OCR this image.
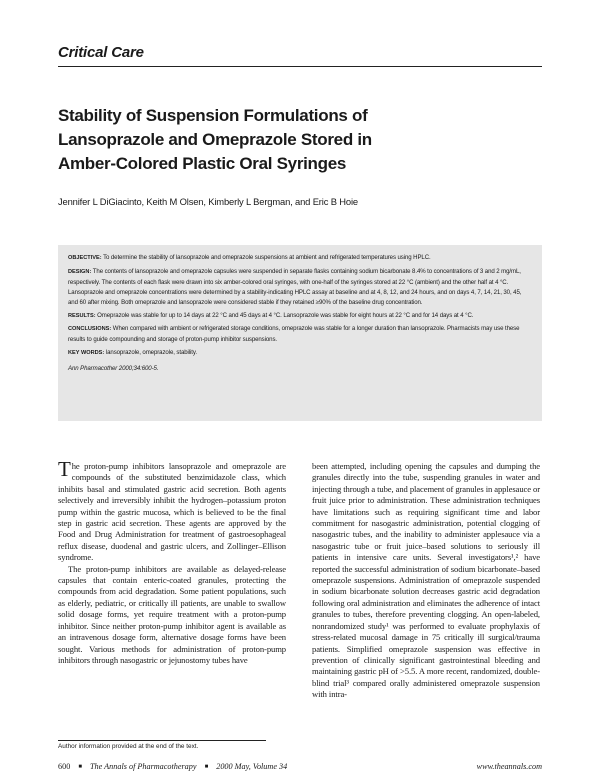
Critical Care
Stability of Suspension Formulations of
Lansoprazole and Omeprazole Stored in
Amber-Colored Plastic Oral Syringes
Jennifer L DiGiacinto, Keith M Olsen, Kimberly L Bergman, and Eric B Hoie

OBJECTIVE: To determine the stability of lansoprazole and omeprazole suspensions at ambient and refrigerated temperatures using HPLC.

DESIGN: The contents of lansoprazole and omeprazole capsules were suspended in separate flasks containing sodium bicarbonate 8.4% to concentrations of 3 and 2 mg/mL, respectively. The contents of each flask were drawn into six amber-colored oral syringes, with one-half of the syringes stored at 22 °C (ambient) and the other half at 4 °C. Lansoprazole and omeprazole concentrations were determined by a stability-indicating HPLC assay at baseline and at 4, 8, 12, and 24 hours, and on days 4, 7, 14, 21, 30, 45, and 60 after mixing. Both omeprazole and lansoprazole were considered stable if they retained ≥90% of the baseline drug concentration.

RESULTS: Omeprazole was stable for up to 14 days at 22 °C and 45 days at 4 °C. Lansoprazole was stable for eight hours at 22 °C and for 14 days at 4 °C.

CONCLUSIONS: When compared with ambient or refrigerated storage conditions, omeprazole was stable for a longer duration than lansoprazole. Pharmacists may use these results to guide compounding and storage of proton-pump inhibitor suspensions.

KEY WORDS: lansoprazole, omeprazole, stability.

Ann Pharmacother 2000;34:600-5.

The proton-pump inhibitors lansoprazole and omeprazole are compounds of the substituted benzimidazole class, which inhibits basal and stimulated gastric acid secretion. Both agents selectively and irreversibly inhibit the hydrogen–potassium proton pump within the gastric mucosa, which is believed to be the final step in gastric acid secretion. These agents are approved by the Food and Drug Administration for treatment of gastroesophageal reflux disease, duodenal and gastric ulcers, and Zollinger–Ellison syndrome.

The proton-pump inhibitors are available as delayed-release capsules that contain enteric-coated granules, protecting the compounds from acid degradation. Some patient populations, such as elderly, pediatric, or critically ill patients, are unable to swallow solid dosage forms, yet require treatment with a proton-pump inhibitor. Since neither proton-pump inhibitor agent is available as an intravenous dosage form, alternative dosage forms have been sought. Various methods for administration of proton-pump inhibitors through nasogastric or jejunostomy tubes have

been attempted, including opening the capsules and dumping the granules directly into the tube, suspending granules in water and injecting through a tube, and placement of granules in applesauce or fruit juice prior to administration. These administration techniques have limitations such as requiring significant time and labor commitment for nasogastric administration, potential clogging of nasogastric tubes, and the inability to administer applesauce via a nasogastric tube or fruit juice–based solutions to seriously ill patients in intensive care units. Several investigators¹,² have reported the successful administration of sodium bicarbonate–based omeprazole suspensions. Administration of omeprazole suspended in sodium bicarbonate solution decreases gastric acid degradation following oral administration and eliminates the adherence of intact granules to tubes, therefore preventing clogging. An open-labeled, nonrandomized study¹ was performed to evaluate prophylaxis of stress-related mucosal damage in 75 critically ill surgical/trauma patients. Simplified omeprazole suspension was effective in prevention of clinically significant gastrointestinal bleeding and maintaining gastric pH of >5.5. A more recent, randomized, double-blind trial³ compared orally administered omeprazole suspension with intra-

Author information provided at the end of the text.
600 ■ The Annals of Pharmacotherapy ■ 2000 May, Volume 34	www.theannals.com
